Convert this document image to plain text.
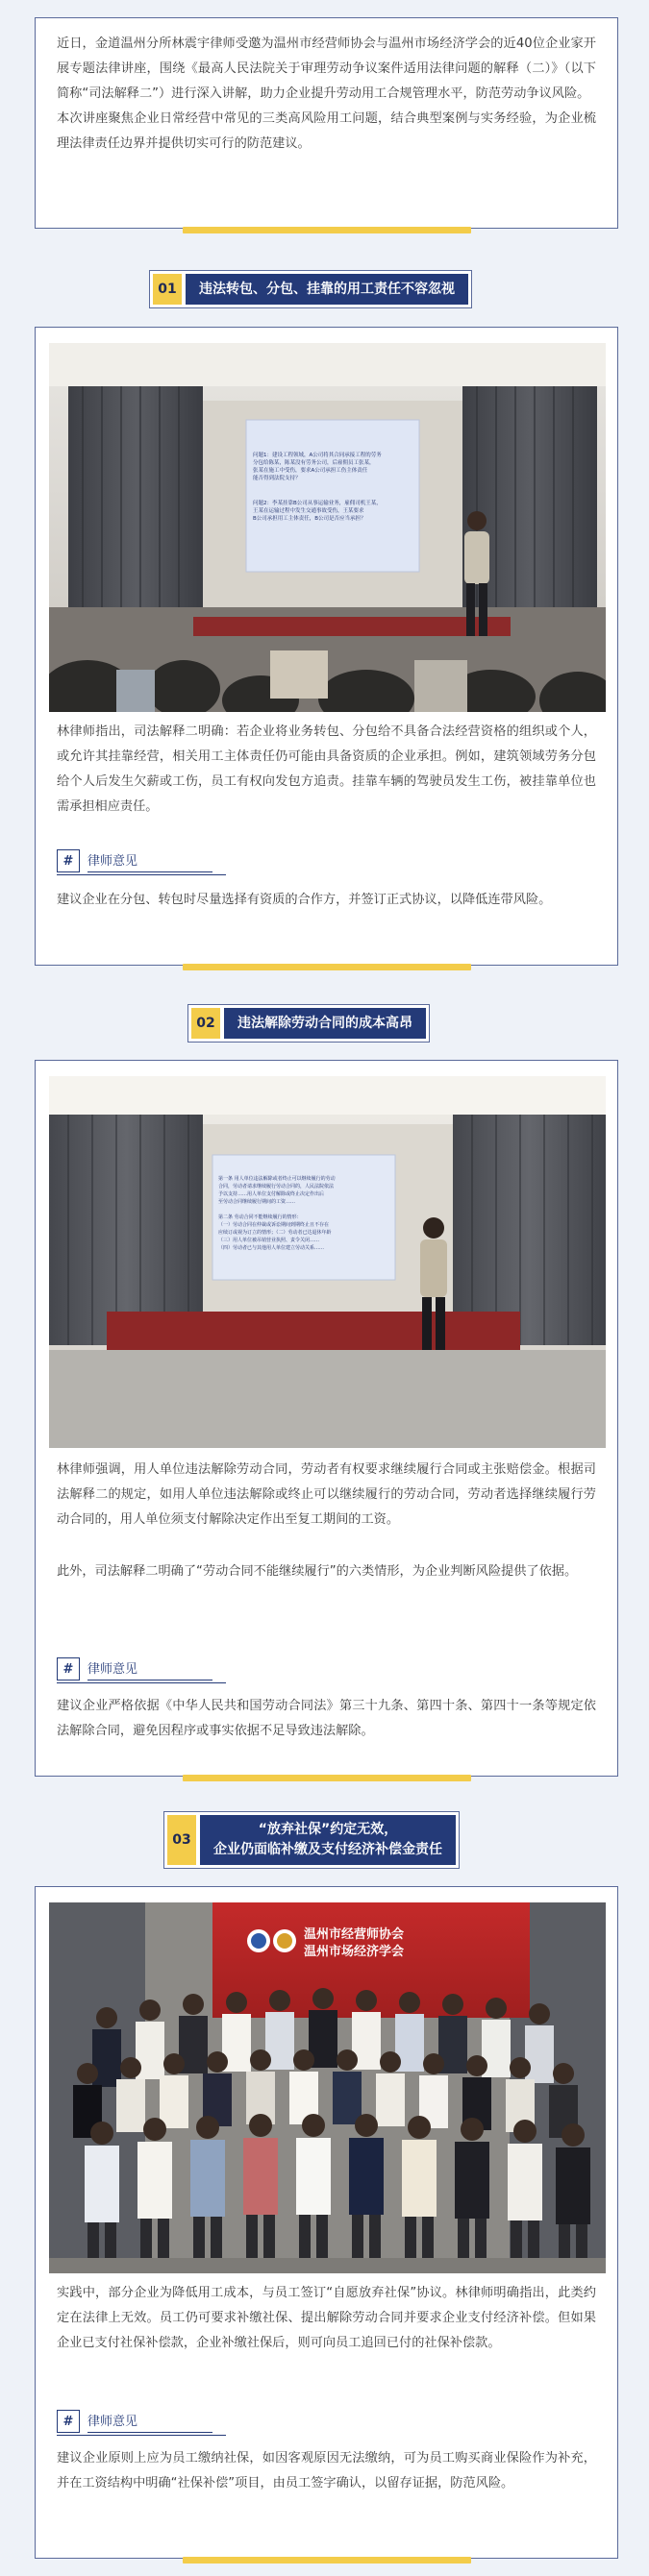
近日，金道温州分所林震宇律师受邀为温州市经营师协会与温州市场经济学会的近40位企业家开展专题法律讲座，围绕《最高人民法院关于审理劳动争议案件适用法律问题的解释（二）》（以下简称“司法解释二”）进行深入讲解，助力企业提升劳动用工合规管理水平，防范劳动争议风险。

本次讲座聚焦企业日常经营中常见的三类高风险用工问题，结合典型案例与实务经验，为企业梳理法律责任边界并提供切实可行的防范建议。

01	违法转包、分包、挂靠的用工责任不容忽视
问题1：建设工程领域，A公司将其合同承接工程的劳务
分包给陈某，陈某没有劳务公司，后雇佣员工张某，
张某在施工中受伤，要求A公司承担工伤主体责任
能否得到法院支持？
问题2：李某挂靠B公司从事运输业务，雇佣司机王某，
王某在运输过程中发生交通事故受伤，王某要求
B公司承担用工主体责任，B公司是否应当承担？

林律师指出，司法解释二明确：若企业将业务转包、分包给不具备合法经营资格的组织或个人，或允许其挂靠经营，相关用工主体责任仍可能由具备资质的企业承担。例如，建筑领域劳务分包给个人后发生欠薪或工伤，员工有权向发包方追责。挂靠车辆的驾驶员发生工伤，被挂靠单位也需承担相应责任。

#	律师意见

建议企业在分包、转包时尽量选择有资质的合作方，并签订正式协议，以降低连带风险。

02	违法解除劳动合同的成本高昂
第一条 用人单位违法解除或者终止可以继续履行的劳动
合同，劳动者请求继续履行劳动合同的，人民法院依法
予以支持……用人单位支付解除或终止决定作出后
至劳动合同继续履行期间的工资……
第二条 劳动合同不能继续履行的情形：
（一）劳动合同在仲裁或诉讼期间到期终止且不存在
应续订或视为订立的情形；（二）劳动者已达退休年龄
（三）用人单位被吊销营业执照、责令关闭……
（四）劳动者已与其他用人单位建立劳动关系……

林律师强调，用人单位违法解除劳动合同，劳动者有权要求继续履行合同或主张赔偿金。根据司法解释二的规定，如用人单位违法解除或终止可以继续履行的劳动合同，劳动者选择继续履行劳动合同的，用人单位须支付解除决定作出至复工期间的工资。

此外，司法解释二明确了“劳动合同不能继续履行”的六类情形，为企业判断风险提供了依据。

#	律师意见

建议企业严格依据《中华人民共和国劳动合同法》第三十九条、第四十条、第四十一条等规定依法解除合同，避免因程序或事实依据不足导致违法解除。

03
“放弃社保”约定无效，
企业仍面临补缴及支付经济补偿金责任
温州市经营师协会
温州市场经济学会

实践中，部分企业为降低用工成本，与员工签订“自愿放弃社保”协议。林律师明确指出，此类约定在法律上无效。员工仍可要求补缴社保、提出解除劳动合同并要求企业支付经济补偿。但如果企业已支付社保补偿款，企业补缴社保后，则可向员工追回已付的社保补偿款。

#	律师意见

建议企业原则上应为员工缴纳社保，如因客观原因无法缴纳，可为员工购买商业保险作为补充，并在工资结构中明确“社保补偿”项目，由员工签字确认，以留存证据，防范风险。
